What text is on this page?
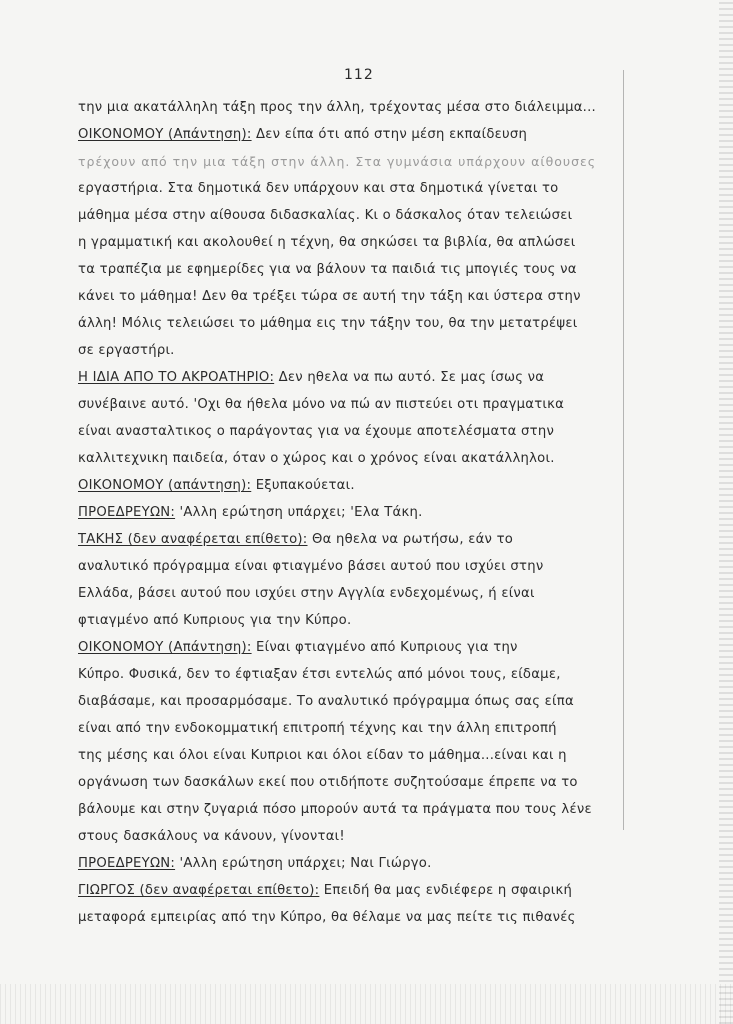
112
την μια ακατάλληλη τάξη προς την άλλη, τρέχοντας μέσα στο διάλειμμα...
ΟΙΚΟΝΟΜΟΥ (Απάντηση): Δεν είπα ότι από στην μέση εκπαίδευση
τρέχουν από την μια τάξη στην άλλη. Στα γυμνάσια υπάρχουν αίθουσες
εργαστήρια. Στα δημοτικά δεν υπάρχουν και στα δημοτικά γίνεται το
μάθημα μέσα στην αίθουσα διδασκαλίας. Κι ο δάσκαλος όταν τελειώσει
η γραμματική και ακολουθεί η τέχνη, θα σηκώσει τα βιβλία, θα απλώσει
τα τραπέζια με εφημερίδες για να βάλουν τα παιδιά τις μπογιές τους να
κάνει το μάθημα! Δεν θα τρέξει τώρα σε αυτή την τάξη και ύστερα στην
άλλη! Μόλις τελειώσει το μάθημα εις την τάξην του, θα την μετατρέψει
σε εργαστήρι.
Η ΙΔΙΑ ΑΠΟ ΤΟ ΑΚΡΟΑΤΗΡΙΟ: Δεν ηθελα να πω αυτό. Σε μας ίσως να
συνέβαινε αυτό. 'Οχι θα ήθελα μόνο να πώ αν πιστεύει οτι πραγματικα
είναι ανασταλτικος ο παράγοντας για να έχουμε αποτελέσματα στην
καλλιτεχνικη παιδεία, όταν ο χώρος και ο χρόνος είναι ακατάλληλοι.
ΟΙΚΟΝΟΜΟΥ (απάντηση): Εξυπακούεται.
ΠΡΟΕΔΡΕΥΩΝ: 'Αλλη ερώτηση υπάρχει; 'Ελα Τάκη.
ΤΑΚΗΣ (δεν αναφέρεται επίθετο): Θα ηθελα να ρωτήσω, εάν το
αναλυτικό πρόγραμμα είναι φτιαγμένο βάσει αυτού που ισχύει στην
Ελλάδα, βάσει αυτού που ισχύει στην Αγγλία ενδεχομένως, ή είναι
φτιαγμένο από Κυπριους για την Κύπρο.
ΟΙΚΟΝΟΜΟΥ (Απάντηση): Είναι φτιαγμένο από Κυπριους για την
Κύπρο. Φυσικά, δεν το έφτιαξαν έτσι εντελώς από μόνοι τους, είδαμε,
διαβάσαμε, και προσαρμόσαμε. Το αναλυτικό πρόγραμμα όπως σας είπα
είναι από την ενδοκομματική επιτροπή τέχνης και την άλλη επιτροπή
της μέσης και όλοι είναι Κυπριοι και όλοι είδαν το μάθημα...είναι και η
οργάνωση των δασκάλων εκεί που οτιδήποτε συζητούσαμε έπρεπε να το
βάλουμε και στην ζυγαριά πόσο μπορούν αυτά τα πράγματα που τους λένε
στους δασκάλους να κάνουν, γίνονται!
ΠΡΟΕΔΡΕΥΩΝ: 'Αλλη ερώτηση υπάρχει; Ναι Γιώργο.
ΓΙΩΡΓΟΣ (δεν αναφέρεται επίθετο): Επειδή θα μας ενδιέφερε η σφαιρική
μεταφορά εμπειρίας από την Κύπρο, θα θέλαμε να μας πείτε τις πιθανές
